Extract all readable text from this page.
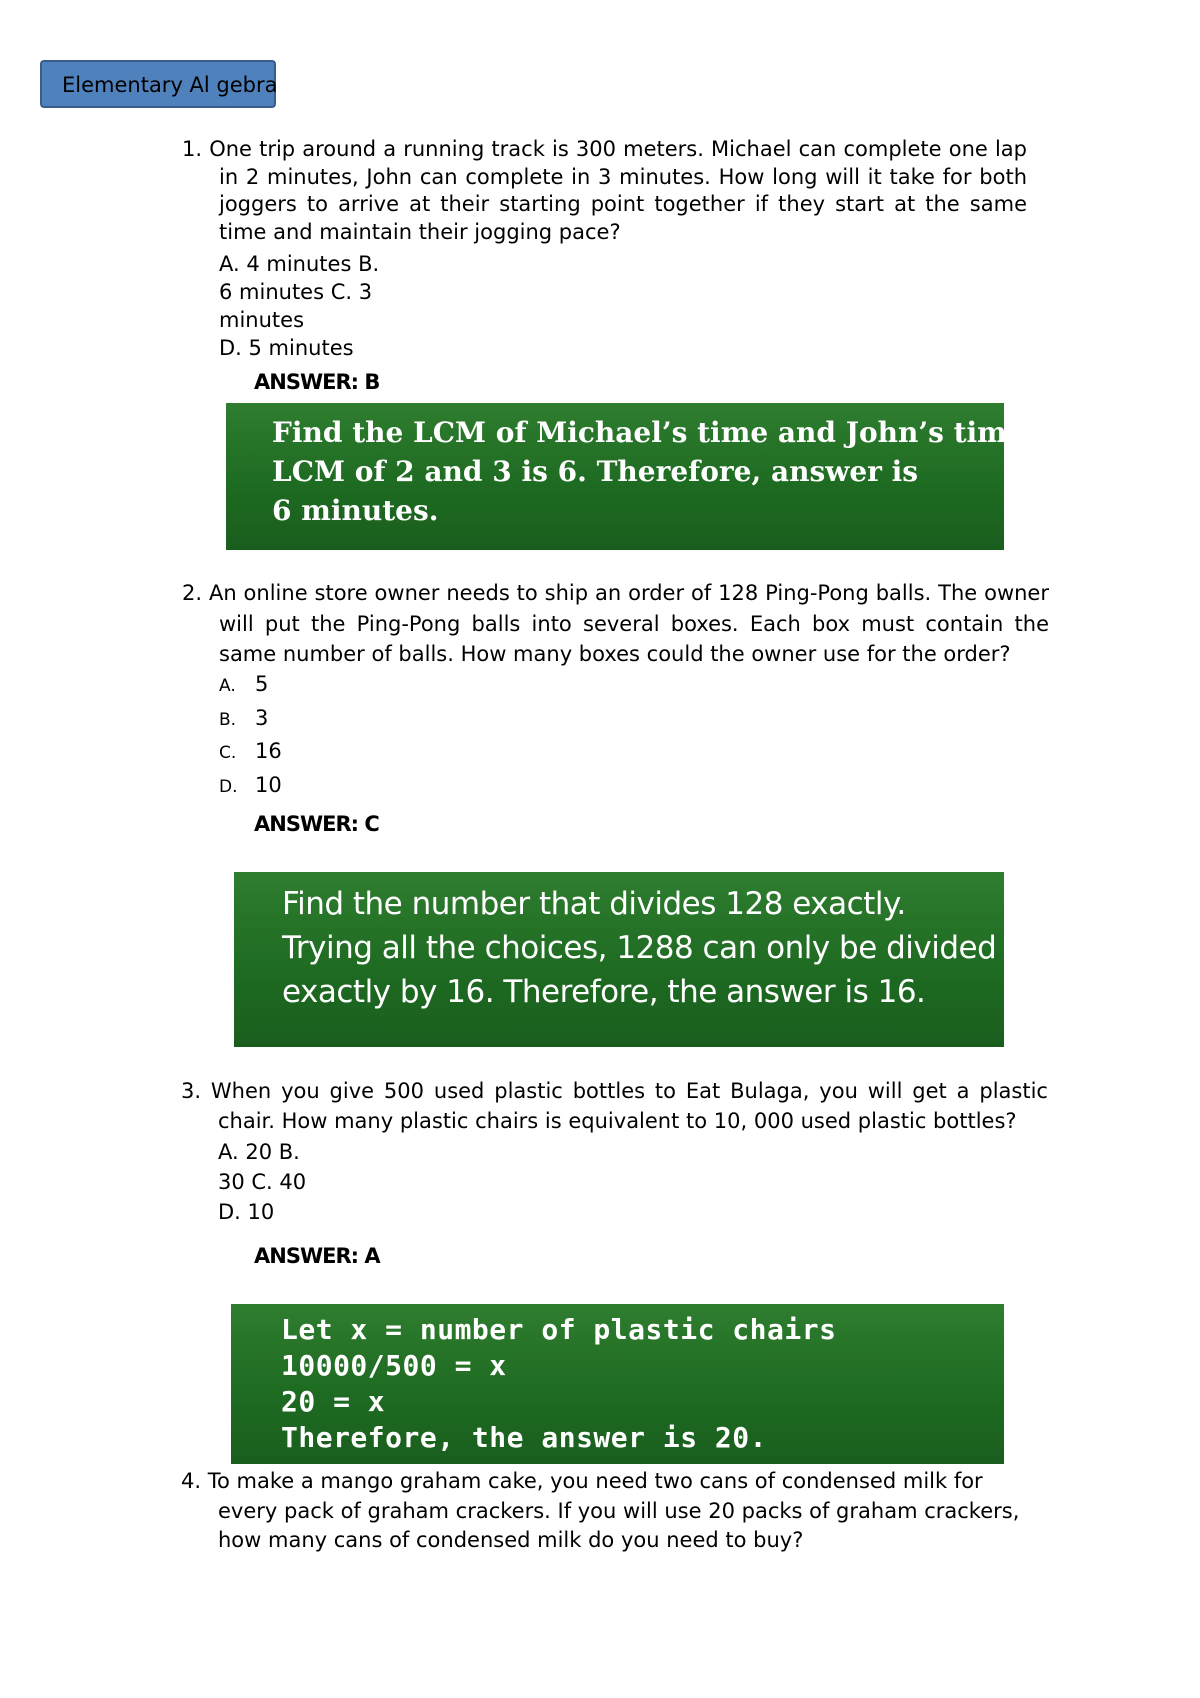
Elementary Al gebra
1. One trip around a running track is 300 meters. Michael can complete one lap in 2 minutes, John can complete in 3 minutes. How long will it take for both joggers to arrive at their starting point together if they start at the same time and maintain their jogging pace?
A. 4 minutes B.
6 minutes C. 3
minutes
D. 5 minutes
ANSWER: B
Find the LCM of Michael’s time and John’s time.
LCM of 2 and 3 is 6. Therefore, answer is
6 minutes.
2. An online store owner needs to ship an order of 128 Ping-Pong balls. The owner will put the Ping-Pong balls into several boxes. Each box must contain the same number of balls. How many boxes could the owner use for the order?
A. 5
B. 3
C. 16
D. 10
ANSWER: C
Find the number that divides 128 exactly.
Trying all the choices, 1288 can only be divided
exactly by 16. Therefore, the answer is 16.
3. When you give 500 used plastic bottles to Eat Bulaga, you will get a plastic chair. How many plastic chairs is equivalent to 10, 000 used plastic bottles?
A. 20 B.
30 C. 40
D. 10
ANSWER: A
Let x = number of plastic chairs
10000/500 = x
20 = x
Therefore, the answer is 20.
4. To make a mango graham cake, you need two cans of condensed milk for every pack of graham crackers. If you will use 20 packs of graham crackers, how many cans of condensed milk do you need to buy?
